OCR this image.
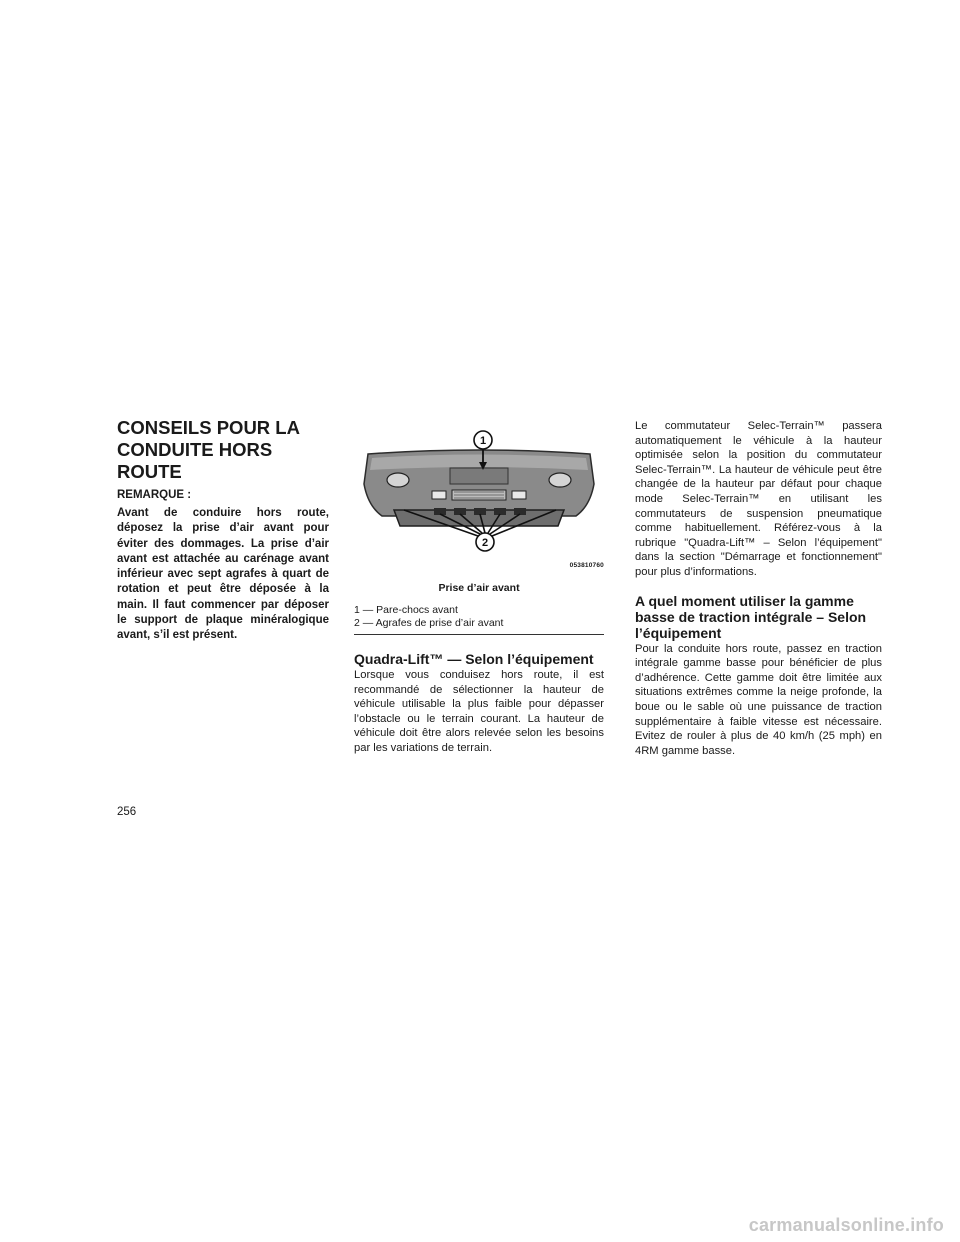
CONSEILS POUR LA CONDUITE HORS ROUTE
REMARQUE :

Avant de conduire hors route, déposez la prise d’air avant pour éviter des dommages. La prise d’air avant est attachée au carénage avant inférieur avec sept agrafes à quart de rotation et peut être déposée à la main. Il faut commencer par déposer le support de plaque minéralogique avant, s’il est présent.

1
2
053810760
Prise d’air avant
1 — Pare-chocs avant
2 — Agrafes de prise d’air avant
Quadra-Lift™ — Selon l’équipement

Lorsque vous conduisez hors route, il est recommandé de sélectionner la hauteur de véhicule utilisable la plus faible pour dépasser l’obstacle ou le terrain courant. La hauteur de véhicule doit être alors relevée selon les besoins par les variations de terrain.

Le commutateur Selec-Terrain™ passera automatiquement le véhicule à la hauteur optimisée selon la position du commutateur Selec-Terrain™. La hauteur de véhicule peut être changée de la hauteur par défaut pour chaque mode Selec-Terrain™ en utilisant les commutateurs de suspension pneumatique comme habituellement. Référez-vous à la rubrique "Quadra-Lift™ – Selon l’équipement" dans la section "Démarrage et fonctionnement" pour plus d’informations.

A quel moment utiliser la gamme basse de traction intégrale – Selon l’équipement

Pour la conduite hors route, passez en traction intégrale gamme basse pour bénéficier de plus d’adhérence. Cette gamme doit être limitée aux situations extrêmes comme la neige profonde, la boue ou le sable où une puissance de traction supplémentaire à faible vitesse est nécessaire. Evitez de rouler à plus de 40 km/h (25 mph) en 4RM gamme basse.

256
carmanualsonline.info
